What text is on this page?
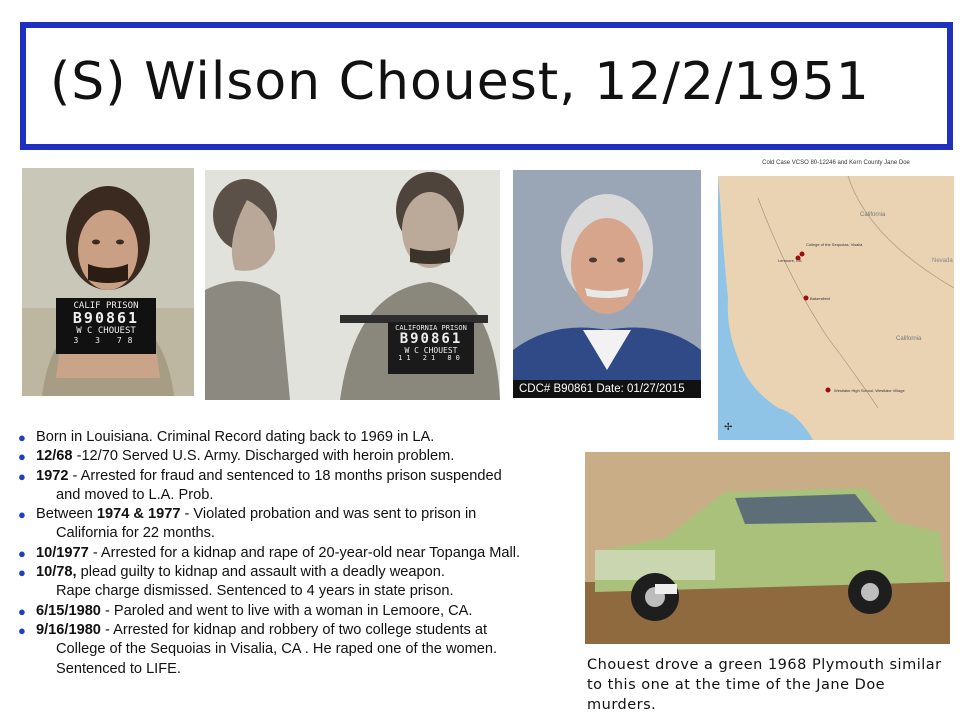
(S) Wilson Chouest, 12/2/1951
CALIF PRISON
B90861
W C CHOUEST
3 3 78
CALIFORNIA PRISON
B90861
W C CHOUEST
11 21 80
CDC# B90861 Date: 01/27/2015
Cold Case VCSO 80-12246 and Kern County Jane Doe
California
College of the Sequoias, Visalia
Lemoore, CA
Bakersfield
California
Westlake High School, Westlake Village
Nevada
✢
● Born in Louisiana. Criminal Record dating back to 1969 in LA.
● 12/68 -12/70 Served U.S. Army. Discharged with heroin problem.
● 1972 - Arrested for fraud and sentenced to 18 months prison suspended
and moved to L.A. Prob.
● Between 1974 & 1977 - Violated probation and was sent to prison in
California for 22 months.
● 10/1977 - Arrested for a kidnap and rape of 20-year-old near Topanga Mall.
● 10/78, plead guilty to kidnap and assault with a deadly weapon.
Rape charge dismissed. Sentenced to 4 years in state prison.
● 6/15/1980 - Paroled and went to live with a woman in Lemoore, CA.
● 9/16/1980 - Arrested for kidnap and robbery of two college students at
College of the Sequoias in Visalia, CA . He raped one of the women.
Sentenced to LIFE.	Chouest drove a green 1968 Plymouth similar to this one at the time of the Jane Doe murders.
